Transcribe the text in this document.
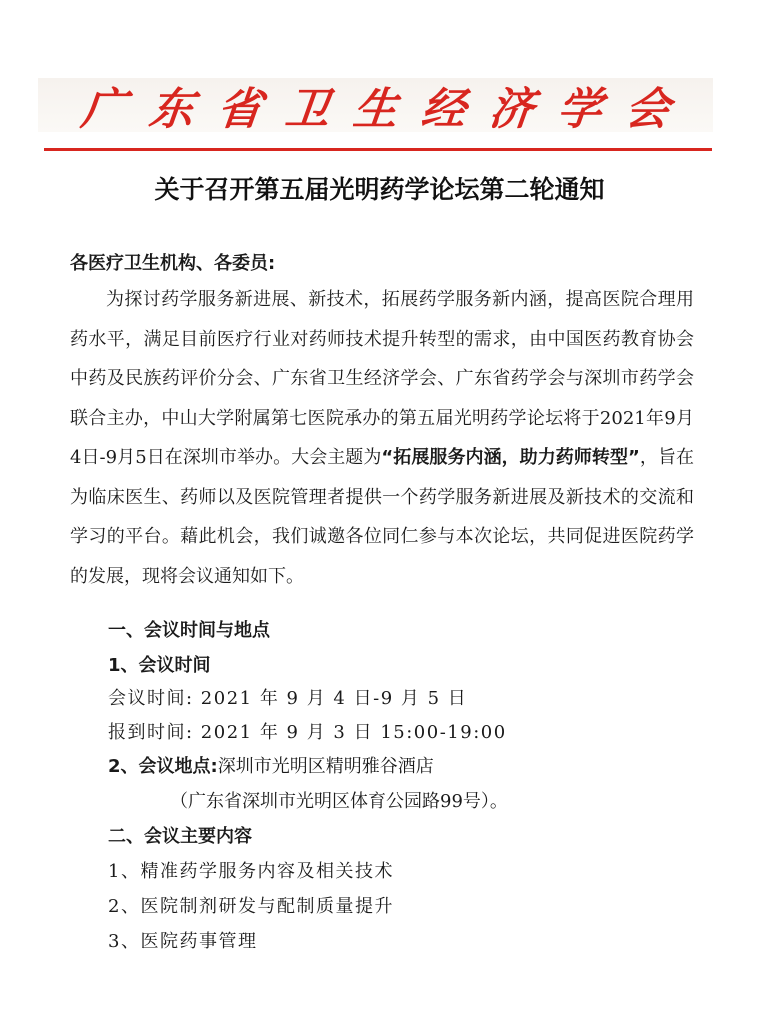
广东省卫生经济学会
关于召开第五届光明药学论坛第二轮通知
各医疗卫生机构、各委员:

为探讨药学服务新进展、新技术，拓展药学服务新内涵，提高医院合理用药水平，满足目前医疗行业对药师技术提升转型的需求，由中国医药教育协会中药及民族药评价分会、广东省卫生经济学会、广东省药学会与深圳市药学会联合主办，中山大学附属第七医院承办的第五届光明药学论坛将于2021年9月4日-9月5日在深圳市举办。大会主题为“拓展服务内涵，助力药师转型”，旨在为临床医生、药师以及医院管理者提供一个药学服务新进展及新技术的交流和学习的平台。藉此机会，我们诚邀各位同仁参与本次论坛，共同促进医院药学的发展，现将会议通知如下。

一、会议时间与地点
1、会议时间
会议时间: 2021 年 9 月 4 日-9 月 5 日
报到时间: 2021 年 9 月 3 日 15:00-19:00
2、会议地点:深圳市光明区精明雅谷酒店
（广东省深圳市光明区体育公园路99号）。
二、会议主要内容
1、精准药学服务内容及相关技术
2、医院制剂研发与配制质量提升
3、医院药事管理
